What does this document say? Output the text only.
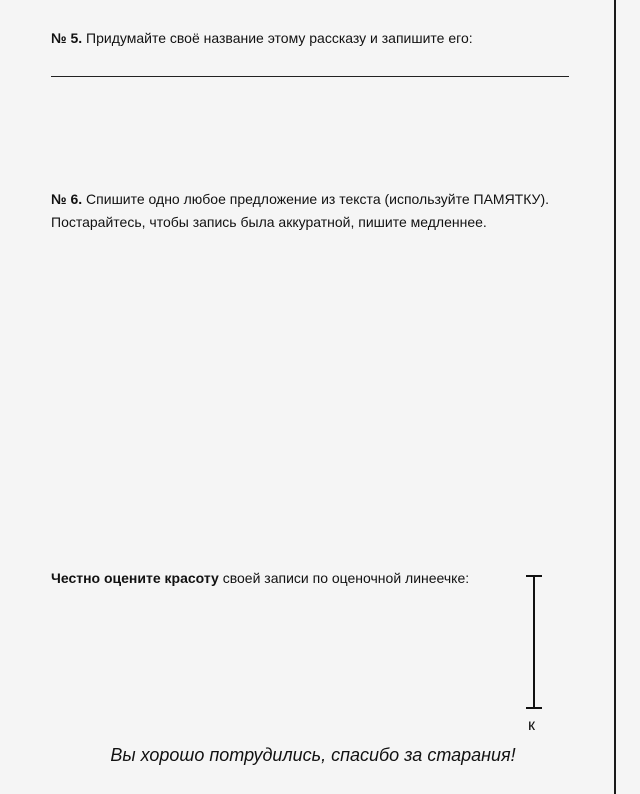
№ 5. Придумайте своё название этому рассказу и запишите его:
№ 6. Спишите одно любое предложение из текста (используйте ПАМЯТКУ).
Постарайтесь, чтобы запись была аккуратной, пишите медленнее.
Честно оцените красоту своей записи по оценочной линеечке:
к
Вы хорошо потрудились, спасибо за старания!
